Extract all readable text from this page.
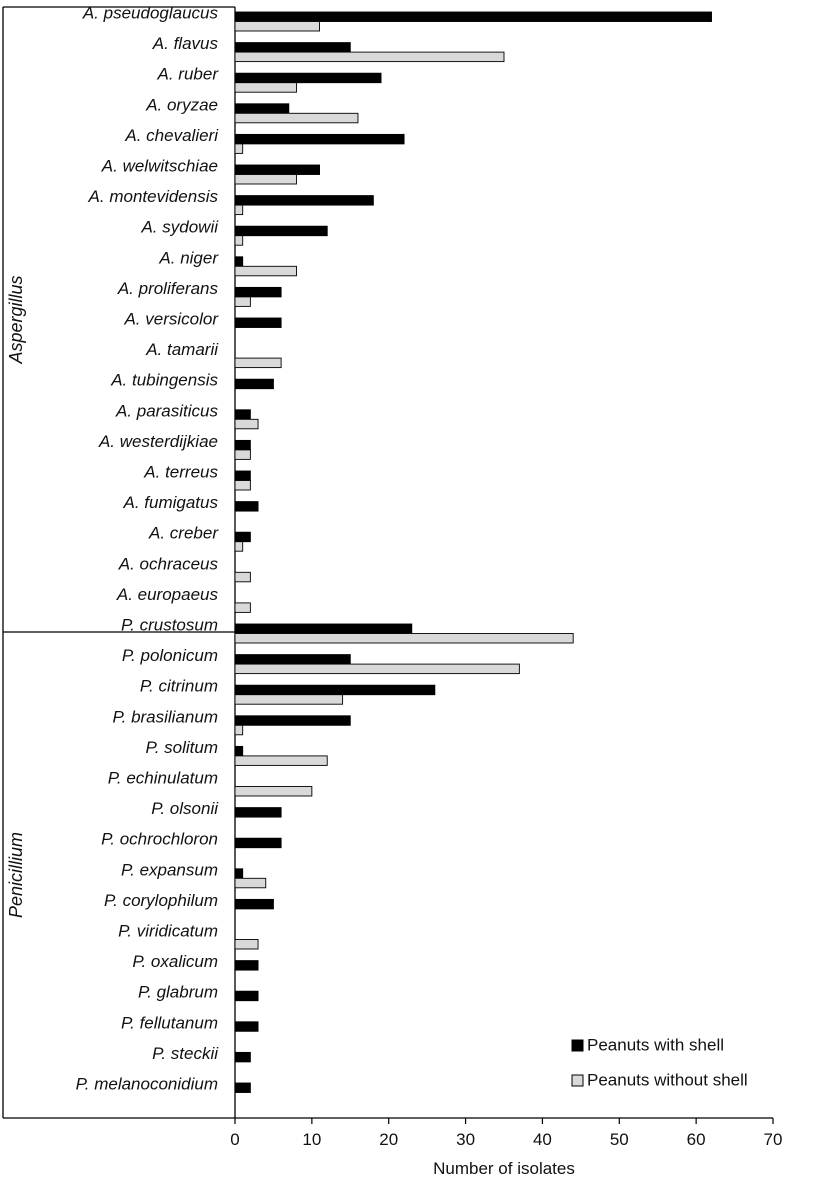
Aspergillus
Penicillium
A. pseudoglaucus
A. flavus
A. ruber
A. oryzae
A. chevalieri
A. welwitschiae
A. montevidensis
A. sydowii
A. niger
A. proliferans
A. versicolor
A. tamarii
A. tubingensis
A. parasiticus
A. westerdijkiae
A. terreus
A. fumigatus
A. creber
A. ochraceus
A. europaeus
P. crustosum
P. polonicum
P. citrinum
P. brasilianum
P. solitum
P. echinulatum
P. olsonii
P. ochrochloron
P. expansum
P. corylophilum
P. viridicatum
P. oxalicum
P. glabrum
P. fellutanum
P. steckii
P. melanoconidium
0	10	20	30	40	50	60	70
Number of isolates
Peanuts with shell
Peanuts without shell
